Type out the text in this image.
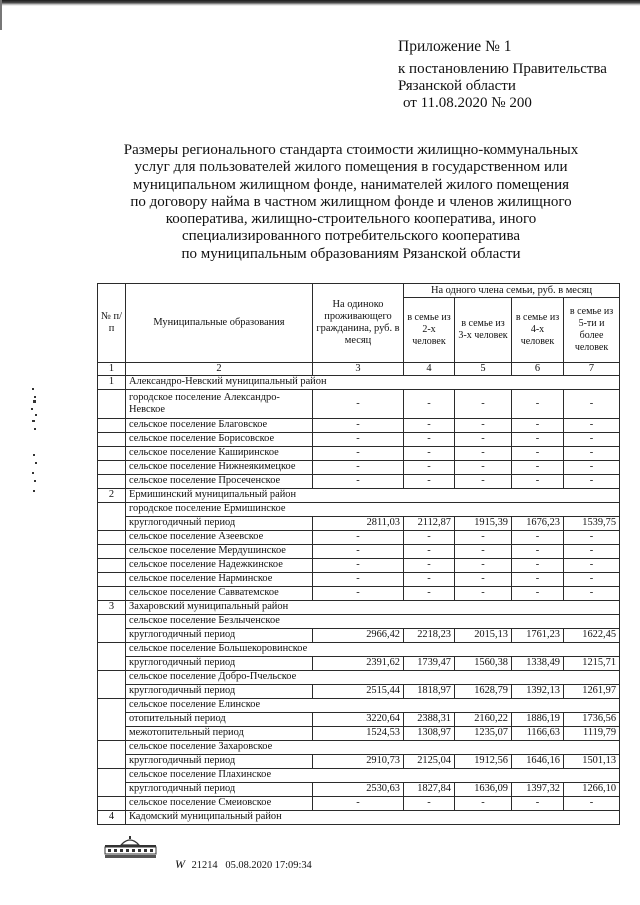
Приложение № 1
к постановлению Правительства
Рязанской области
от 11.08.2020 № 200
Размеры регионального стандарта стоимости жилищно-коммунальных
услуг для пользователей жилого помещения в государственном или
муниципальном жилищном фонде, нанимателей жилого помещения
по договору найма в частном жилищном фонде и членов жилищного
кооператива, жилищно-строительного кооператива, иного
специализированного потребительского кооператива
по муниципальным образованиям Рязанской области
№ п/п	Муниципальные образования	На одиноко проживающего гражданина, руб. в месяц	На одного члена семьи, руб. в месяц			
			в семье из 2-х человек	в семье из 3-х человек	в семье из 4-х человек	в семье из 5-ти и более человек
1	2	3	4	5	6	7
1	Александро-Невский муниципальный район					
	городское поселение Александро-Невское	-	-	-	-	-
	сельское поселение Благовское	-	-	-	-	-
	сельское поселение Борисовское	-	-	-	-	-
	сельское поселение Каширинское	-	-	-	-	-
	сельское поселение Нижнеякимецкое	-	-	-	-	-
	сельское поселение Просеченское	-	-	-	-	-
2	Ермишинский муниципальный район					
	городское поселение Ермишинское					
	круглогодичный период	2811,03	2112,87	1915,39	1676,23	1539,75
	сельское поселение Азеевское	-	-	-	-	-
	сельское поселение Мердушинское	-	-	-	-	-
	сельское поселение Надежкинское	-	-	-	-	-
	сельское поселение Нарминское	-	-	-	-	-
	сельское поселение Савватемское	-	-	-	-	-
3	Захаровский муниципальный район					
	сельское поселение Безлыченское					
	круглогодичный период	2966,42	2218,23	2015,13	1761,23	1622,45
	сельское поселение Большекоровинское					
	круглогодичный период	2391,62	1739,47	1560,38	1338,49	1215,71
	сельское поселение Добро-Пчельское					
	круглогодичный период	2515,44	1818,97	1628,79	1392,13	1261,97
	сельское поселение Елинское					
	отопительный период	3220,64	2388,31	2160,22	1886,19	1736,56
	межотопительный период	1524,53	1308,97	1235,07	1166,63	1119,79
	сельское поселение Захаровское					
	круглогодичный период	2910,73	2125,04	1912,56	1646,16	1501,13
	сельское поселение Плахинское					
	круглогодичный период	2530,63	1827,84	1636,09	1397,32	1266,10
	сельское поселение Смеиовское	-	-	-	-	-
4	Кадомский муниципальный район					
W 21214 05.08.2020 17:09:34
